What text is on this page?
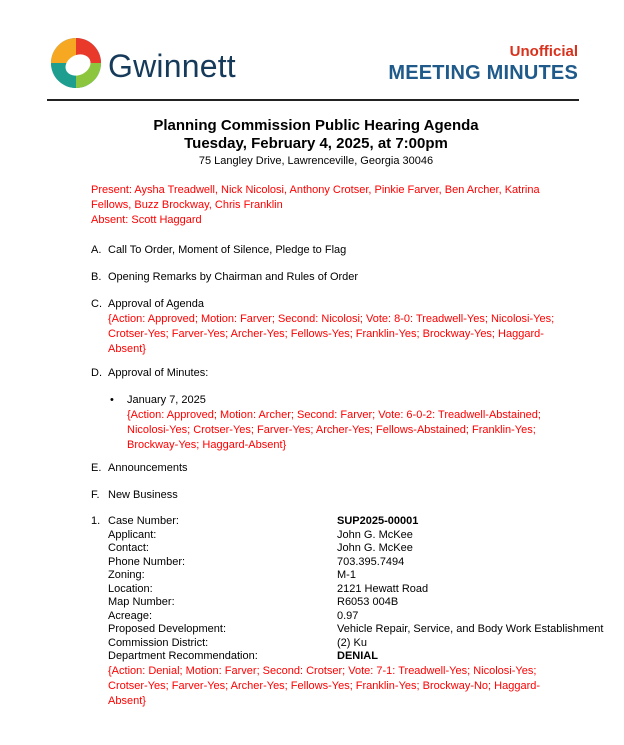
Gwinnett	Unofficial
MEETING MINUTES
Planning Commission Public Hearing Agenda
Tuesday, February 4, 2025, at 7:00pm
75 Langley Drive, Lawrenceville, Georgia 30046
Present: Aysha Treadwell, Nick Nicolosi, Anthony Crotser, Pinkie Farver, Ben Archer, Katrina Fellows, Buzz Brockway, Chris Franklin
Absent: Scott Haggard
A. Call To Order, Moment of Silence, Pledge to Flag
B. Opening Remarks by Chairman and Rules of Order
C. Approval of Agenda
{Action: Approved; Motion: Farver; Second: Nicolosi; Vote: 8-0: Treadwell-Yes; Nicolosi-Yes; Crotser-Yes; Farver-Yes; Archer-Yes; Fellows-Yes; Franklin-Yes; Brockway-Yes; Haggard-Absent}
D. Approval of Minutes:
• January 7, 2025
{Action: Approved; Motion: Archer; Second: Farver; Vote: 6-0-2: Treadwell-Abstained; Nicolosi-Yes; Crotser-Yes; Farver-Yes; Archer-Yes; Fellows-Abstained; Franklin-Yes; Brockway-Yes; Haggard-Absent}
E. Announcements
F. New Business
1. Case Number:	SUP2025-00001
Applicant:	John G. McKee
Contact:	John G. McKee
Phone Number:	703.395.7494
Zoning:	M-1
Location:	2121 Hewatt Road
Map Number:	R6053 004B
Acreage:	0.97
Proposed Development:	Vehicle Repair, Service, and Body Work Establishment
Commission District:	(2) Ku
Department Recommendation:	DENIAL
{Action: Denial; Motion: Farver; Second: Crotser; Vote: 7-1: Treadwell-Yes; Nicolosi-Yes; Crotser-Yes; Farver-Yes; Archer-Yes; Fellows-Yes; Franklin-Yes; Brockway-No; Haggard-Absent}
